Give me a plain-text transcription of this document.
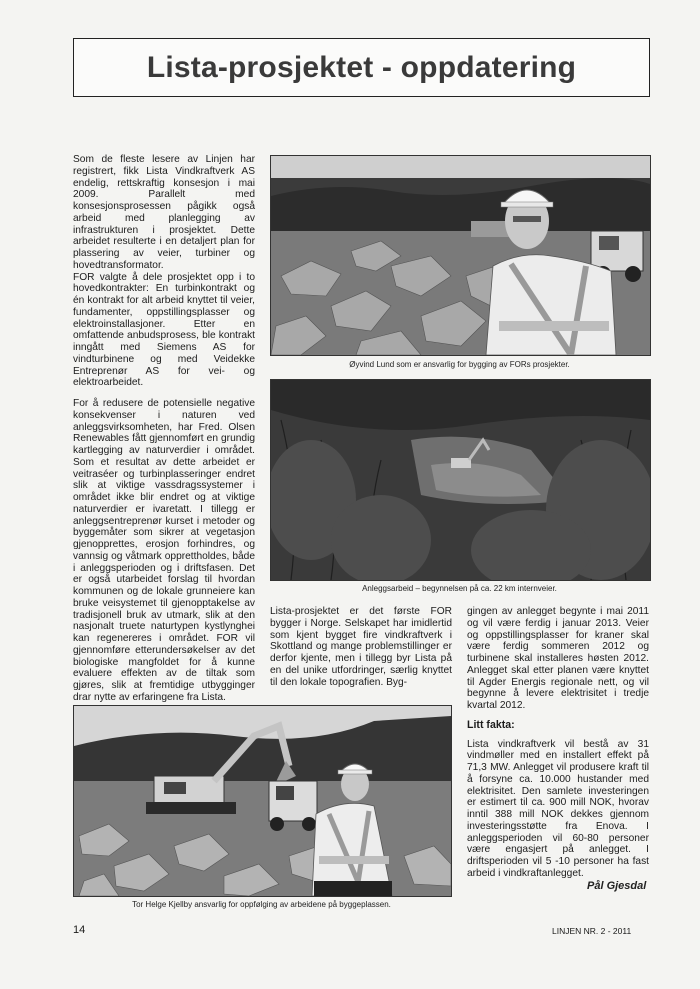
Lista-prosjektet - oppdatering

Som de fleste lesere av Linjen har registrert, fikk Lista Vindkraftverk AS endelig, rettskraftig konsesjon i mai 2009. Parallelt med konsesjonsprosessen pågikk også arbeid med planlegging av infrastrukturen i prosjektet. Dette arbeidet resulterte i en detaljert plan for plassering av veier, turbiner og hovedtransformator.

FOR valgte å dele prosjektet opp i to hovedkontrakter: En turbinkontrakt og én kontrakt for alt arbeid knyttet til veier, fundamenter, oppstillingsplasser og elektroinstallasjoner. Etter en omfattende anbudsprosess, ble kontrakt inngått med Siemens AS for vindturbinene og med Veidekke Entreprenør AS for vei- og elektroarbeidet.

For å redusere de potensielle negative konsekvenser i naturen ved anleggsvirksomheten, har Fred. Olsen Renewables fått gjennomført en grundig kartlegging av naturverdier i området. Som et resultat av dette arbeidet er veitraséer og turbinplasseringer endret slik at viktige vassdragssystemer i området ikke blir endret og at viktige naturverdier er ivaretatt. I tillegg er anleggsentreprenør kurset i metoder og byggemåter som sikrer at vegetasjon gjenopprettes, erosjon forhindres, og vannsig og våtmark opprettholdes, både i anleggsperioden og i driftsfasen. Det er også utarbeidet forslag til hvordan kommunen og de lokale grunneiere kan bruke veisystemet til gjenopptakelse av tradisjonell bruk av utmark, slik at den nasjonalt truete naturtypen kystlynghei kan regenereres i området. FOR vil gjennomføre etterundersøkelser av det biologiske mangfoldet for å kunne evaluere effekten av de tiltak som gjøres, slik at fremtidige utbygginger drar nytte av erfaringene fra Lista.

Øyvind Lund som er ansvarlig for bygging av FORs prosjekter.
Anleggsarbeid – begynnelsen på ca. 22 km internveier.

Lista-prosjektet er det første FOR bygger i Norge. Selskapet har imidlertid som kjent bygget fire vindkraftverk i Skottland og mange problemstillinger er derfor kjente, men i tillegg byr Lista på en del unike utfordringer, særlig knyttet til den lokale topografien. Byg-

gingen av anlegget begynte i mai 2011 og vil være ferdig i januar 2013. Veier og oppstillingsplasser for kraner skal være ferdig sommeren 2012 og turbinene skal installeres høsten 2012. Anlegget skal etter planen være knyttet til Agder Energis regionale nett, og vil begynne å levere elektrisitet i tredje kvartal 2012.

Litt fakta:

Lista vindkraftverk vil bestå av 31 vindmøller med en installert effekt på 71,3 MW. Anlegget vil produsere kraft til å forsyne ca. 10.000 hustander med elektrisitet. Den samlete investeringen er estimert til ca. 900 mill NOK, hvorav inntil 388 mill NOK dekkes gjennom investeringsstøtte fra Enova. I anleggsperioden vil 60-80 personer være engasjert på anlegget. I driftsperioden vil 5 -10 personer ha fast arbeid i vindkraftanlegget.

Pål Gjesdal
Tor Helge Kjellby ansvarlig for oppfølging av arbeidene på byggeplassen.
14	LINJEN NR. 2 - 2011
